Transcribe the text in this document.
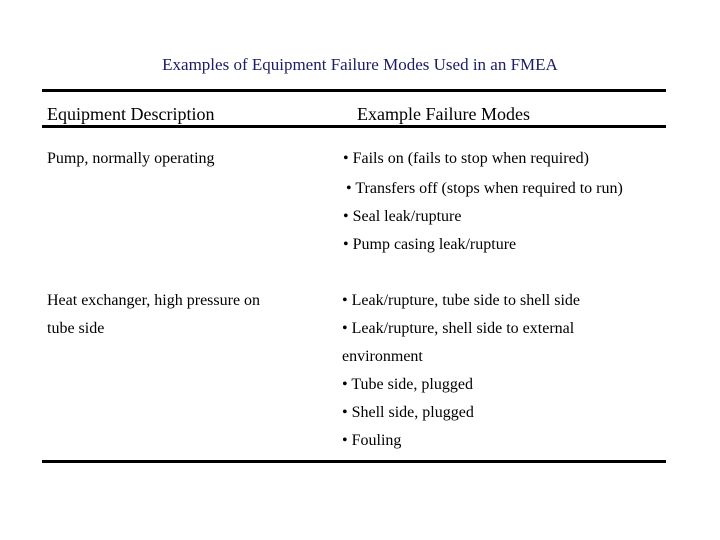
Examples of Equipment Failure Modes Used in an FMEA
Equipment Description	Example Failure Modes
Pump, normally operating	• Fails on (fails to stop when required)
• Transfers off (stops when required to run)
• Seal leak/rupture
• Pump casing leak/rupture
Heat exchanger, high pressure on
tube side
• Leak/rupture, tube side to shell side
• Leak/rupture, shell side to external
environment
• Tube side, plugged
• Shell side, plugged
• Fouling
